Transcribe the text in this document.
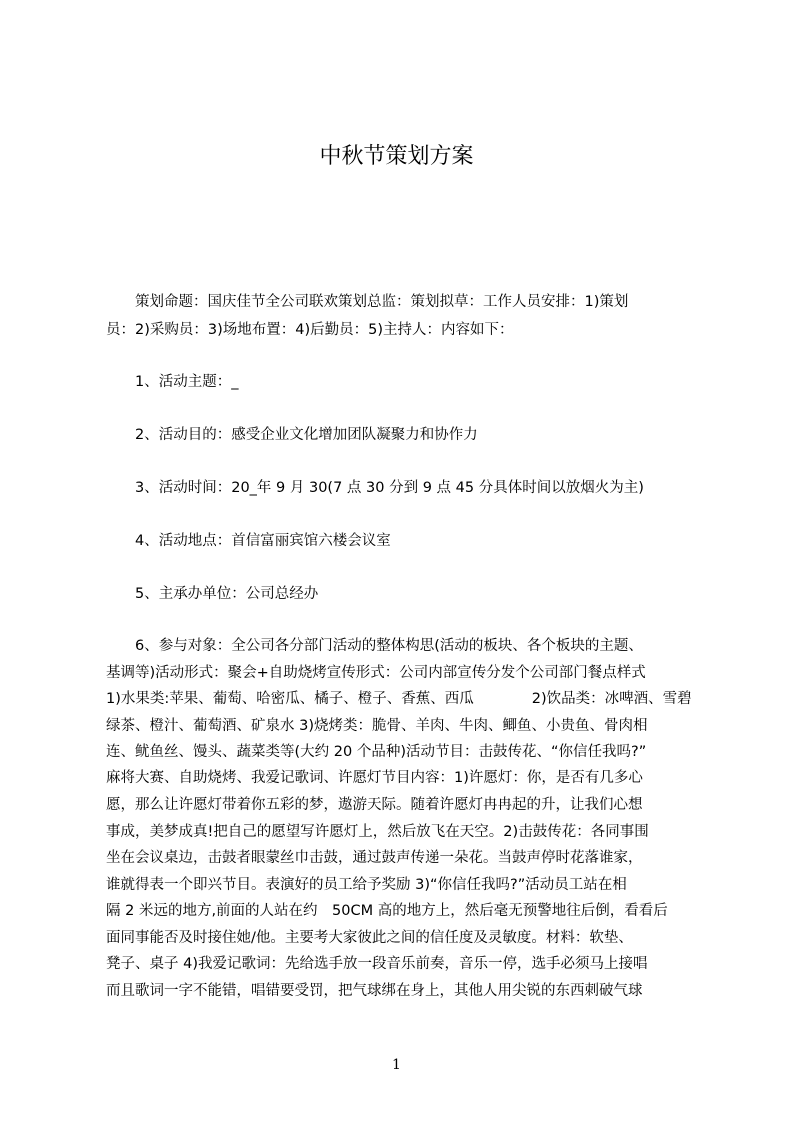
中秋节策划方案
　　策划命题：国庆佳节全公司联欢策划总监：策划拟草：工作人员安排：1)策划
员：2)采购员：3)场地布置：4)后勤员：5)主持人：内容如下：
　　1、活动主题：_
　　2、活动目的：感受企业文化增加团队凝聚力和协作力
　　3、活动时间：20_年 9 月 30(7 点 30 分到 9 点 45 分具体时间以放烟火为主)
　　4、活动地点：首信富丽宾馆六楼会议室
　　5、主承办单位：公司总经办
　　6、参与对象：全公司各分部门活动的整体构思(活动的板块、各个板块的主题、
基调等)活动形式：聚会+自助烧烤宣传形式：公司内部宣传分发个公司部门餐点样式
1)水果类:苹果、葡萄、哈密瓜、橘子、橙子、香蕉、西瓜　　　　2)饮品类：冰啤酒、雪碧
绿茶、橙汁、葡萄酒、矿泉水 3)烧烤类：脆骨、羊肉、牛肉、鲫鱼、小贵鱼、骨肉相
连、鱿鱼丝、馒头、蔬菜类等(大约 20 个品种)活动节目：击鼓传花、“你信任我吗?”
麻将大赛、自助烧烤、我爱记歌词、许愿灯节目内容：1)许愿灯：你，是否有几多心
愿，那么让许愿灯带着你五彩的梦，遨游天际。随着许愿灯冉冉起的升，让我们心想
事成，美梦成真!把自己的愿望写许愿灯上，然后放飞在天空。2)击鼓传花：各同事围
坐在会议桌边，击鼓者眼蒙丝巾击鼓，通过鼓声传递一朵花。当鼓声停时花落谁家，
谁就得表一个即兴节目。表演好的员工给予奖励 3)“你信任我吗?”活动员工站在相
隔 2 米远的地方,前面的人站在约　50CM 高的地方上，然后毫无预警地往后倒，看看后
面同事能否及时接住她/他。主要考大家彼此之间的信任度及灵敏度。材料：软垫、
凳子、桌子 4)我爱记歌词：先给选手放一段音乐前奏，音乐一停，选手必须马上接唱
而且歌词一字不能错，唱错要受罚，把气球绑在身上，其他人用尖锐的东西刺破气球
1
